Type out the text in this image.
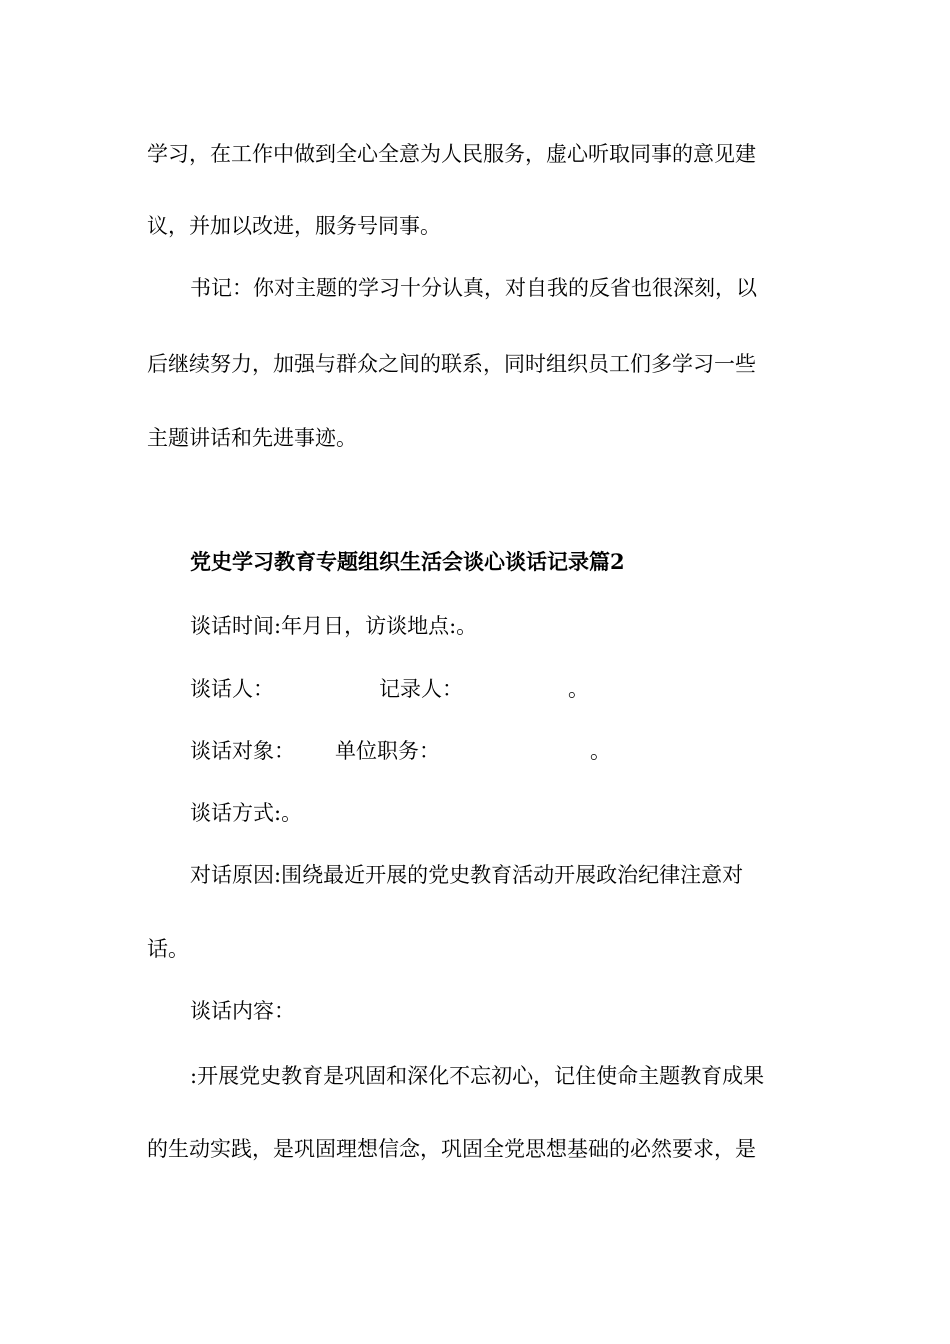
学习，在工作中做到全心全意为人民服务，虚心听取同事的意见建
议，并加以改进，服务号同事。
书记：你对主题的学习十分认真，对自我的反省也很深刻，以
后继续努力，加强与群众之间的联系，同时组织员工们多学习一些
主题讲话和先进事迹。
党史学习教育专题组织生活会谈心谈话记录篇2
谈话时间:年月日，访谈地点:。
谈话人：	记录人：	。
谈话对象： 单位职务：	。
谈话方式:。
对话原因:围绕最近开展的党史教育活动开展政治纪律注意对
话。
谈话内容：
:开展党史教育是巩固和深化不忘初心，记住使命主题教育成果
的生动实践，是巩固理想信念，巩固全党思想基础的必然要求，是
